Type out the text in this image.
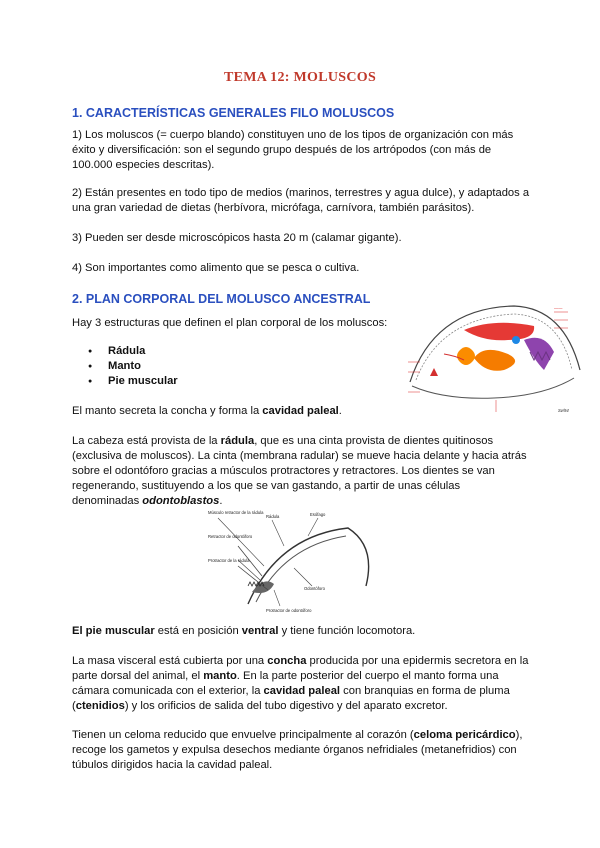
TEMA 12: MOLUSCOS
1. CARACTERÍSTICAS GENERALES FILO MOLUSCOS

1) Los moluscos (= cuerpo blando) constituyen uno de los tipos de organización con más éxito y diversificación: son el segundo grupo después de los artrópodos (con más de 100.000 especies descritas).

2) Están presentes en todo tipo de medios (marinos, terrestres y agua dulce), y adaptados a una gran variedad de dietas (herbívora, micrófaga, carnívora, también parásitos).

3) Pueden ser desde microscópicos hasta 20 m (calamar gigante).

4) Son importantes como alimento que se pesca o cultiva.

2. PLAN CORPORAL DEL MOLUSCO ANCESTRAL

Hay 3 estructuras que definen el plan corporal de los moluscos:

● Rádula
● Manto
● Pie muscular

El manto secreta la concha y forma la cavidad paleal.

La cabeza está provista de la rádula, que es una cinta provista de dientes quitinosos (exclusiva de moluscos). La cinta (membrana radular) se mueve hacia delante y hacia atrás sobre el odontóforo gracias a músculos protractores y retractores. Los dientes se van regenerando, sustituyendo a los que se van gastando, a partir de unas células denominadas odontoblastos.

El pie muscular está en posición ventral y tiene función locomotora.

La masa visceral está cubierta por una concha producida por una epidermis secretora en la parte dorsal del animal, el manto. En la parte posterior del cuerpo el manto forma una cámara comunicada con el exterior, la cavidad paleal con branquias en forma de pluma (ctenidios) y los orificios de salida del tubo digestivo y del aparato excretor.

Tienen un celoma reducido que envuelve principalmente al corazón (celoma pericárdico), recoge los gametos y expulsa desechos mediante órganos nefridiales (metanefridios) con túbulos dirigidos hacia la cavidad paleal.

——
Sv/94
Músculo retractor de la rádula
Rádula	Esófago
Retractor de odontóforo
Protractor de la rádula
Odontóforo
Protractor de odontóforo
